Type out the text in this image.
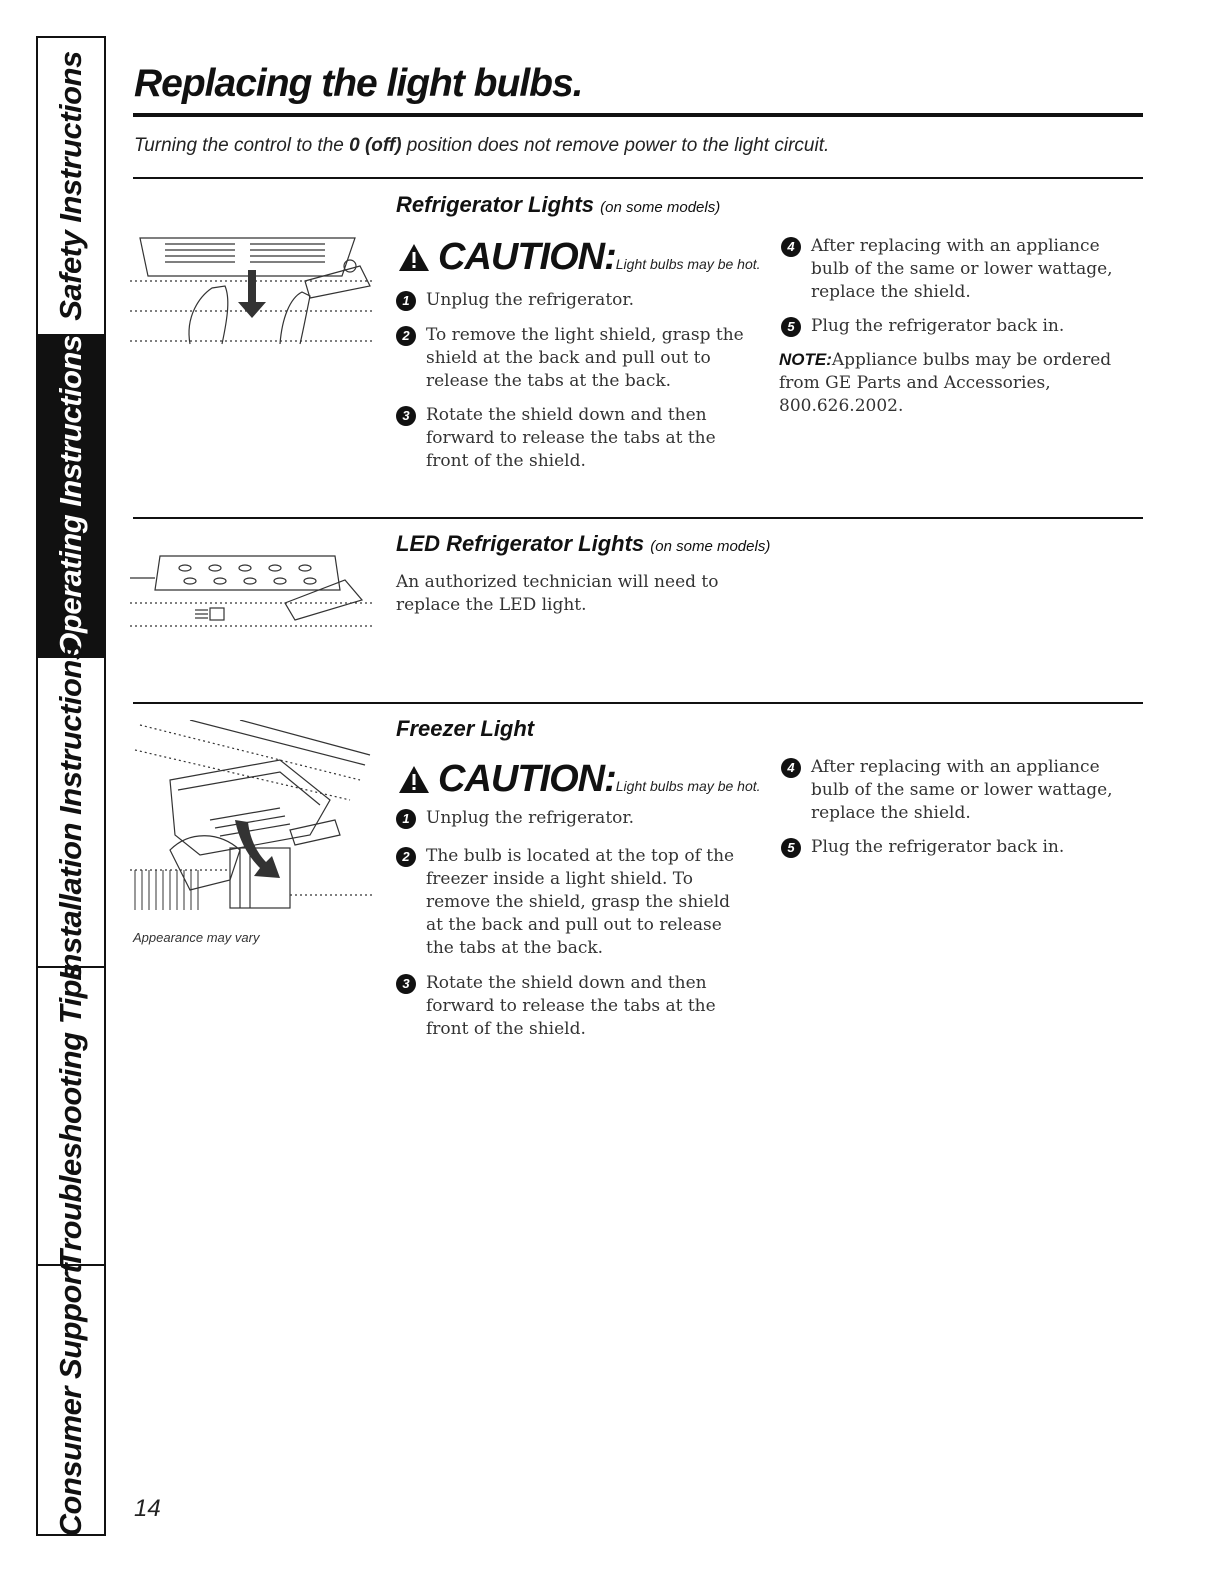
Safety Instructions
Operating Instructions
Installation Instructions
Troubleshooting Tips
Consumer Support
Replacing the light bulbs.
Turning the control to the 0 (off) position does not remove power to the light circuit.
Refrigerator Lights (on some models)
CAUTION:Light bulbs may be hot.
1 Unplug the refrigerator.
2 To remove the light shield, grasp the shield at the back and pull out to release the tabs at the back.
3 Rotate the shield down and then forward to release the tabs at the front of the shield.
4 After replacing with an appliance bulb of the same or lower wattage, replace the shield.
5 Plug the refrigerator back in.
NOTE:Appliance bulbs may be ordered from GE Parts and Accessories, 800.626.2002.
LED Refrigerator Lights (on some models)
An authorized technician will need to replace the LED light.
Appearance may vary
Freezer Light
CAUTION:Light bulbs may be hot.
1 Unplug the refrigerator.
2 The bulb is located at the top of the freezer inside a light shield. To remove the shield, grasp the shield at the back and pull out to release the tabs at the back.
3 Rotate the shield down and then forward to release the tabs at the front of the shield.
4 After replacing with an appliance bulb of the same or lower wattage, replace the shield.
5 Plug the refrigerator back in.
14
